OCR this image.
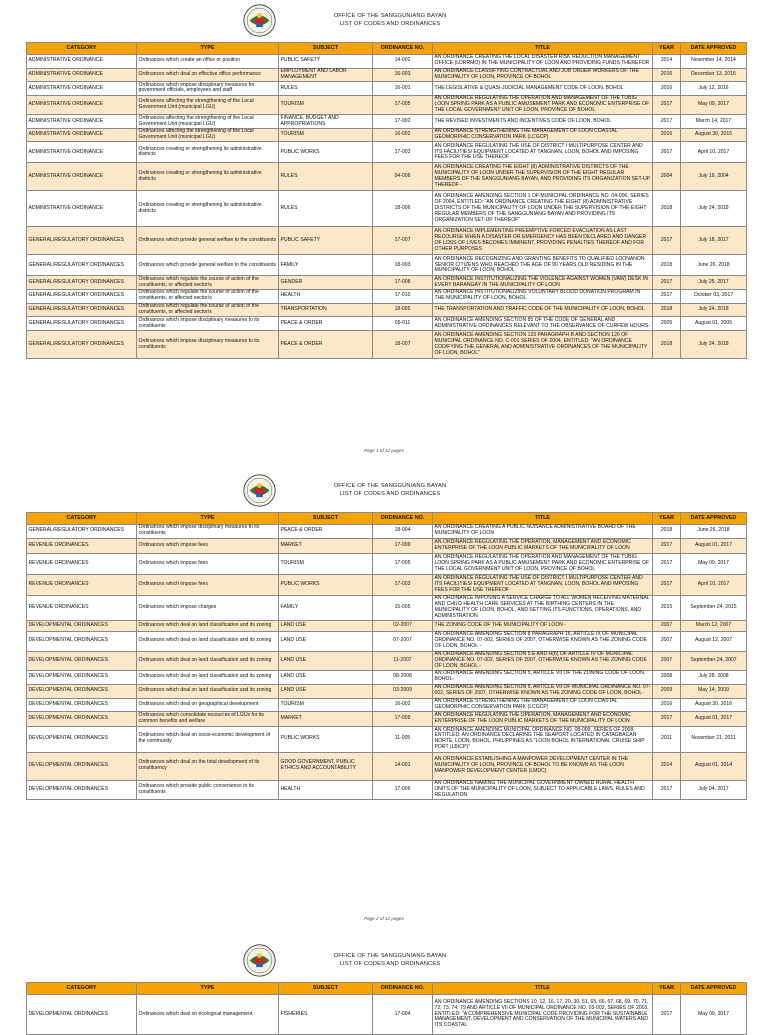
OFFICE OF THE SANGGUNIANG BAYAN
LIST OF CODES AND ORDINANCES
CATEGORY	TYPE	SUBJECT	ORDINANCE NO.	TITLE	YEAR	DATE APPROVED
ADMINISTRATIVE ORDINANCE	Ordinances which create an office or position	PUBLIC SAFETY	14-002	AN ORDINANCE CREATING THE LOCAL DISASTER RISK REDUCTION MANAGEMENT OFFICE (LDRRMO) IN THE MUNICIPALITY OF LOON AND PROVIDING FUNDS THEREFOR	2014	November 14, 2014
ADMINISTRATIVE ORDINANCE	Ordinances which deal on effective office performance	EMPLOYMENT AND LABOR MANAGEMENT	16-003	AN ORDINANCE CLASSIFYING CONTRACTUAL AND JOB ORDER WORKERS OF THE MUNICIPALITY OF LOON, PROVINCE OF BOHOL	2016	December 13, 2016
ADMINISTRATIVE ORDINANCE	Ordinances which impose disciplinary measures for government officials, employees and staff	RULES	16-001	THE LEGISLATIVE & QUASI-JUDICIAL MANAGEMENT CODE OF LOON, BOHOL	2016	July 12, 2016
ADMINISTRATIVE ORDINANCE	Ordinances affecting the strengthening of the Local Government Unit (municipal LGU)	TOURISM	17-005	AN ORDINANCE REGULATING THE OPERATION AND MANAGEMENT OF THE TUBIG LOON SPRING PARK AS A PUBLIC AMUSEMENT PARK AND ECONOMIC ENTERPRISE OF THE LOCAL GOVERNMENT UNIT OF LOON, PROVINCE OF BOHOL	2017	May 09, 2017
ADMINISTRATIVE ORDINANCE	Ordinances affecting the strengthening of the Local Government Unit (municipal LGU)	FINANCE, BUDGET AND APPROPRIATIONS	17-002	THE REVISED INVESTMENTS AND INCENTIVES CODE OF LOON, BOHOL	2017	March 14, 2017
ADMINISTRATIVE ORDINANCE	Ordinances affecting the strengthening of the Local Government Unit (municipal LGU)	TOURISM	16-002	AN ORDINANCE STRENGTHENING THE MANAGEMENT OF LOON COASTAL GEOMORPHIC CONSERVATION PARK (LCGCP)	2016	August 30, 2016
ADMINISTRATIVE ORDINANCE	Ordinances creating or strengthening its administrative districts	PUBLIC WORKS	17-003	AN ORDINANCE REGULATING THE USE OF DISTRICT I MULTIPURPOSE CENTER AND ITS FACILITIES/ EQUIPMENT LOCATED AT TANGNAN, LOON, BOHOL AND IMPOSING FEES FOR THE USE THEREOF	2017	April 10, 2017
ADMINISTRATIVE ORDINANCE	Ordinances creating or strengthening its administrative districts	RULES	04-006	AN ORDINANCE CREATING THE EIGHT (8) ADMINISTRATIVE DISTRICTS OF THE MUNICIPALITY OF LOON UNDER THE SUPERVISION OF THE EIGHT REGULAR MEMBERS OF THE SANGGUNIANG BAYAN, AND PROVIDING ITS ORGANIZATION SET-UP THEREOF -	2004	July 19, 2004
ADMINISTRATIVE ORDINANCE	Ordinances creating or strengthening its administrative districts	RULES	18-006	AN ORDINANCE AMENDING SECTION 1 OF MUNICIPAL ORDINANCE NO. 04-006, SERIES OF 2004, ENTITLED: "AN ORDINANCE CREATING THE EIGHT (8) ADMINISTRATIVE DISTRICTS OF THE MUNICIPALITY OF LOON UNDER THE SUPERVISION OF THE EIGHT REGULAR MEMBERS OF THE SANGGUNIANG BAYAN AND PROVIDING ITS ORGANIZATION SET-UP THEREOF"	2018	July 24, 2018
GENERAL/REGULATORY ORDINANCES	Ordinances which provide general welfare to the constituents	PUBLIC SAFETY	17-007	AN ORDINANCE IMPLEMENTING PREEMPTIVE FORCED EVACUATION AS LAST RECOURSE WHEN A DISASTER OR EMERGENCY HAS BEEN DECLARED AND DANGER OF LOSS OF LIVES BECOMES IMMINENT, PROVIDING PENALTIES THEREOF AND FOR OTHER PURPOSES	2017	July 18, 2017
GENERAL/REGULATORY ORDINANCES	Ordinances which provide general welfare to the constituents	FAMILY	18-003	AN ORDINANCE RECOGNIZING AND GRANTING BENEFITS TO QUALIFIED LOONANON SENIOR CITIZENS WHO REACHED THE AGE OF 90 YEARS OLD RESIDING IN THE MUNICIPALITY OF LOON, BOHOL	2018	June 26, 2018
GENERAL/REGULATORY ORDINANCES	Ordinances which regulate the course of action of the constituents, or affected sector/s	GENDER	17-008	AN ORDINANCE INSTITUTIONALIZING THE VIOLENCE AGAINST WOMEN (VAW) DESK IN EVERY BARANGAY IN THE MUNICIPALITY OF LOON	2017	July 25, 2017
GENERAL/REGULATORY ORDINANCES	Ordinances which regulate the course of action of the constituents, or affected sector/s	HEALTH	17-010	AN ORDINANCE INSTITUTIONALIZING VOLUNTARY BLOOD DONATION PROGRAM IN THE MUNICIPALITY OF LOON, BOHOL	2017	October 03, 2017
GENERAL/REGULATORY ORDINANCES	Ordinances which regulate the course of action of the constituents, or affected sector/s	TRANSPORTATION	18-005	THE TRANSPORTATION AND TRAFFIC CODE OF THE MUNICIPALITY OF LOON, BOHOL	2018	July 24, 2018
GENERAL/REGULATORY ORDINANCES	Ordinances which impose disciplinary measures to its constituents	PEACE & ORDER	05-011	AN ORDINANCE AMENDING SECTION 85 OF THE CODE OF GENERAL AND ADMINISTRATIVE ORDINANCES RELEVANT TO THE OBSERVANCE OF CURFEW HOURS-	2005	August 01, 2005
GENERAL/REGULATORY ORDINANCES	Ordinances which impose disciplinary measures to its constituents	PEACE & ORDER	18-007	AN ORDINANCE AMENDING SECTION 123 PARAGRAPH B AND SECTION 126 OF MUNICIPAL ORDINANCE NO. C-001 SERIES OF 2004, ENTITLED: "AN ORDINANCE CODIFYING THE GENERAL AND ADMINISTRATIVE ORDINANCES OF THE MUNICIPALITY OF LOON, BOHOL"	2018	July 24, 2018
Page 1 of 12 pages
OFFICE OF THE SANGGUNIANG BAYAN
LIST OF CODES AND ORDINANCES
CATEGORY	TYPE	SUBJECT	ORDINANCE NO.	TITLE	YEAR	DATE APPROVED
GENERAL/REGULATORY ORDINANCES	Ordinances which impose disciplinary measures to its constituents	PEACE & ORDER	18-004	AN ORDINANCE CREATING A PUBLIC NUISANCE ADMINISTRATIVE BOARD OF THE MUNICIPALITY OF LOON	2018	June 26, 2018
REVENUE ORDINANCES	Ordinances which impose fees	MARKET	17-009	AN ORDINANCE REGULATING THE OPERATION, MANAGEMENT AND ECONOMIC ENTERPRISE OF THE LOON PUBLIC MARKETS OF THE MUNICIPALITY OF LOON	2017	August 01, 2017
REVENUE ORDINANCES	Ordinances which impose fees	TOURISM	17-005	AN ORDINANCE REGULATING THE OPERATION AND MANAGEMENT OF THE TUBIG LOON SPRING PARK AS A PUBLIC AMUSEMENT PARK AND ECONOMIC ENTERPRISE OF THE LOCAL GOVERNMENT UNIT OF LOON, PROVINCE OF BOHOL	2017	May 09, 2017
REVENUE ORDINANCES	Ordinances which impose fees	PUBLIC WORKS	17-003	AN ORDINANCE REGULATING THE USE OF DISTRICT I MULTIPURPOSE CENTER AND ITS FACILITIES/ EQUIPMENT LOCATED AT TANGNAN, LOON, BOHOL AND IMPOSING FEES FOR THE USE THEREOF	2017	April 10, 2017
REVENUE ORDINANCES	Ordinances which impose charges	FAMILY	15-005	AN ORDINANCE IMPOSING A SERVICE CHARGE TO ALL WOMEN RECEIVING MATERNAL AND CHILD HEALTH CARE SERVICES AT THE BIRTHING CENTERS IN THE MUNICIPALITY OF LOON, BOHOL, AND SETTING ITS FUNCTIONS, OPERATIONS, AND ADMINISTRATION	2015	September 24, 2015
DEVELOPMENTAL ORDINANCES	Ordinances which deal on land classification and its zoning	LAND USE	02-2007	THE ZONING CODE OF THE MUNICIPALITY OF LOON -	2007	March 12, 2007
DEVELOPMENTAL ORDINANCES	Ordinances which deal on land classification and its zoning	LAND USE	07-2007	AN ORDINANCE AMENDING SECTION 8 PARAGRAPH 16, ARTICLE IX OF MUNICIPAL ORDINANCE NO. 07-002, SERIES OF 2007, OTHERWISE KNOWN AS THE ZONING CODE OF LOON, BOHOL -	2007	August 12, 2007
DEVELOPMENTAL ORDINANCES	Ordinances which deal on land classification and its zoning	LAND USE	11-2007	AN ORDINANCE AMENDING SECTION 5 E AND H(6) OF ARTICLE IV OF MUNICIPAL ORDINANCE NO. 07-002, SERIES OF 2007, OTHERWISE KNOWN AS THE ZONING CODE OF LOON, BOHOL -	2007	September 24, 2007
DEVELOPMENTAL ORDINANCES	Ordinances which deal on land classification and its zoning	LAND USE	08-2008	AN ORDINANCE AMENDING SECTION 5, ARTICLE VII OF THE ZONING CODE OF LOON, BOHOL-	2008	July 28, 2008
DEVELOPMENTAL ORDINANCES	Ordinances which deal on land classification and its zoning	LAND USE	03-2009	AN ORDINANCE AMENDING SECTION 5, ARTICLE VII OF MUNICIPAL ORDINANCE NO. 07-002, SERIES OF 2007, OTHERWISE KNOWN AS THE ZONING CODE OF LOON, BOHOL-	2009	May 14, 2009
DEVELOPMENTAL ORDINANCES	Ordinances which deal on geographical development	TOURISM	16-002	AN ORDINANCE STRENGTHENING THE MANAGEMENT OF LOON COASTAL GEOMORPHIC CONSERVATION PARK (LCGCP)	2016	August 30, 2016
DEVELOPMENTAL ORDINANCES	Ordinances which consolidate resources of LGUs for its common benefits and welfare	MARKET	17-009	AN ORDINANCE REGULATING THE OPERATION, MANAGEMENT AND ECONOMIC ENTERPRISE OF THE LOON PUBLIC MARKETS OF THE MUNICIPALITY OF LOON	2017	August 01, 2017
DEVELOPMENTAL ORDINANCES	Ordinances which deal on socio-economic development of the community	PUBLIC WORKS	11-005	AN ORDINANCE AMENDING MUNICIPAL ORDINANCE NO. 08-009, SERIES OF 2008, ENTITLED: AN ORDINANCE DECLARING THE SEAPORT LOCATED IN CATAGBACAN NORTE, LOON, BOHOL, PHILIPPINES AS "LOON BOHOL INTERNATIONAL CRUISE SHIP PORT (LBICP)"	2011	November 21, 2011
DEVELOPMENTAL ORDINANCES	Ordinances which deal on the total development of its constituency	GOOD GOVERNMENT, PUBLIC ETHICS AND ACCOUNTABILITY	14-001	AN ORDINANCE ESTABLISHING A MANPOWER DEVELOPMENT CENTER IN THE MUNICIPALITY OF LOON, PROVINCE OF BOHOL TO BE KNOWN AS THE LOON MANPOWER DEVELOPMENT CENTER (LMDC)	2014	August 01, 2014
DEVELOPMENTAL ORDINANCES	Ordinances which provide public convenience to its constituents	HEALTH	17-006	AN ORDINANCE NAMING THE MUNICIPAL GOVERNMENT-OWNED RURAL HEALTH UNITS OF THE MUNICIPALITY OF LOON, SUBJECT TO APPLICABLE LAWS, RULES AND REGULATION	2017	July 04, 2017
Page 2 of 12 pages
OFFICE OF THE SANGGUNIANG BAYAN
LIST OF CODES AND ORDINANCES
CATEGORY	TYPE	SUBJECT	ORDINANCE NO.	TITLE	YEAR	DATE APPROVED
DEVELOPMENTAL ORDINANCES	Ordinances which deal on ecological management	FISHERIES	17-004	AN ORDINANCE AMENDING SECTIONS 10, 12, 16, 17, 20, 30, 51, 65, 66, 67, 68, 69, 70, 71, 72, 73, 74, 79 AND ARTICLE VII OF MUNICIPAL ORDINANCE NO. 03-002, SERIES OF 2003, ENTITLED: "A COMPREHENSIVE MUNICIPAL CODE PROVIDING FOR THE SUSTAINABLE MANAGEMENT, DEVELOPMENT AND CONSERVATION OF THE MUNICIPAL WATERS AND ITS COASTAL	2017	May 09, 2017
